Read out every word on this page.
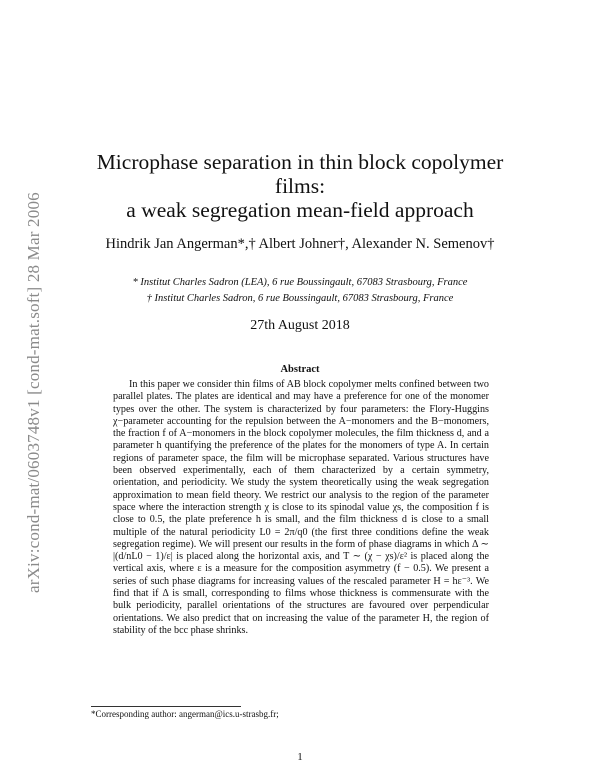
arXiv:cond-mat/0603748v1 [cond-mat.soft] 28 Mar 2006
Microphase separation in thin block copolymer
films:
a weak segregation mean-field approach
Hindrik Jan Angerman*,† Albert Johner†, Alexander N. Semenov†
* Institut Charles Sadron (LEA), 6 rue Boussingault, 67083 Strasbourg, France
† Institut Charles Sadron, 6 rue Boussingault, 67083 Strasbourg, France
27th August 2018
Abstract

In this paper we consider thin films of AB block copolymer melts confined between two parallel plates. The plates are identical and may have a preference for one of the monomer types over the other. The system is characterized by four parameters: the Flory-Huggins χ−parameter accounting for the repulsion between the A−monomers and the B−monomers, the fraction f of A−monomers in the block copolymer molecules, the film thickness d, and a parameter h quantifying the preference of the plates for the monomers of type A. In certain regions of parameter space, the film will be microphase separated. Various structures have been observed experimentally, each of them characterized by a certain symmetry, orientation, and periodicity. We study the system theoretically using the weak segregation approximation to mean field theory. We restrict our analysis to the region of the parameter space where the interaction strength χ is close to its spinodal value χs, the composition f is close to 0.5, the plate preference h is small, and the film thickness d is close to a small multiple of the natural periodicity L0 = 2π/q0 (the first three conditions define the weak segregation regime). We will present our results in the form of phase diagrams in which Δ ∼ |(d/nL0 − 1)/ε| is placed along the horizontal axis, and T ∼ (χ − χs)/ε² is placed along the vertical axis, where ε is a measure for the composition asymmetry (f − 0.5). We present a series of such phase diagrams for increasing values of the rescaled parameter H = hε⁻³. We find that if Δ is small, corresponding to films whose thickness is commensurate with the bulk periodicity, parallel orientations of the structures are favoured over perpendicular orientations. We also predict that on increasing the value of the parameter H, the region of stability of the bcc phase shrinks.

*Corresponding author: angerman@ics.u-strasbg.fr;
1
